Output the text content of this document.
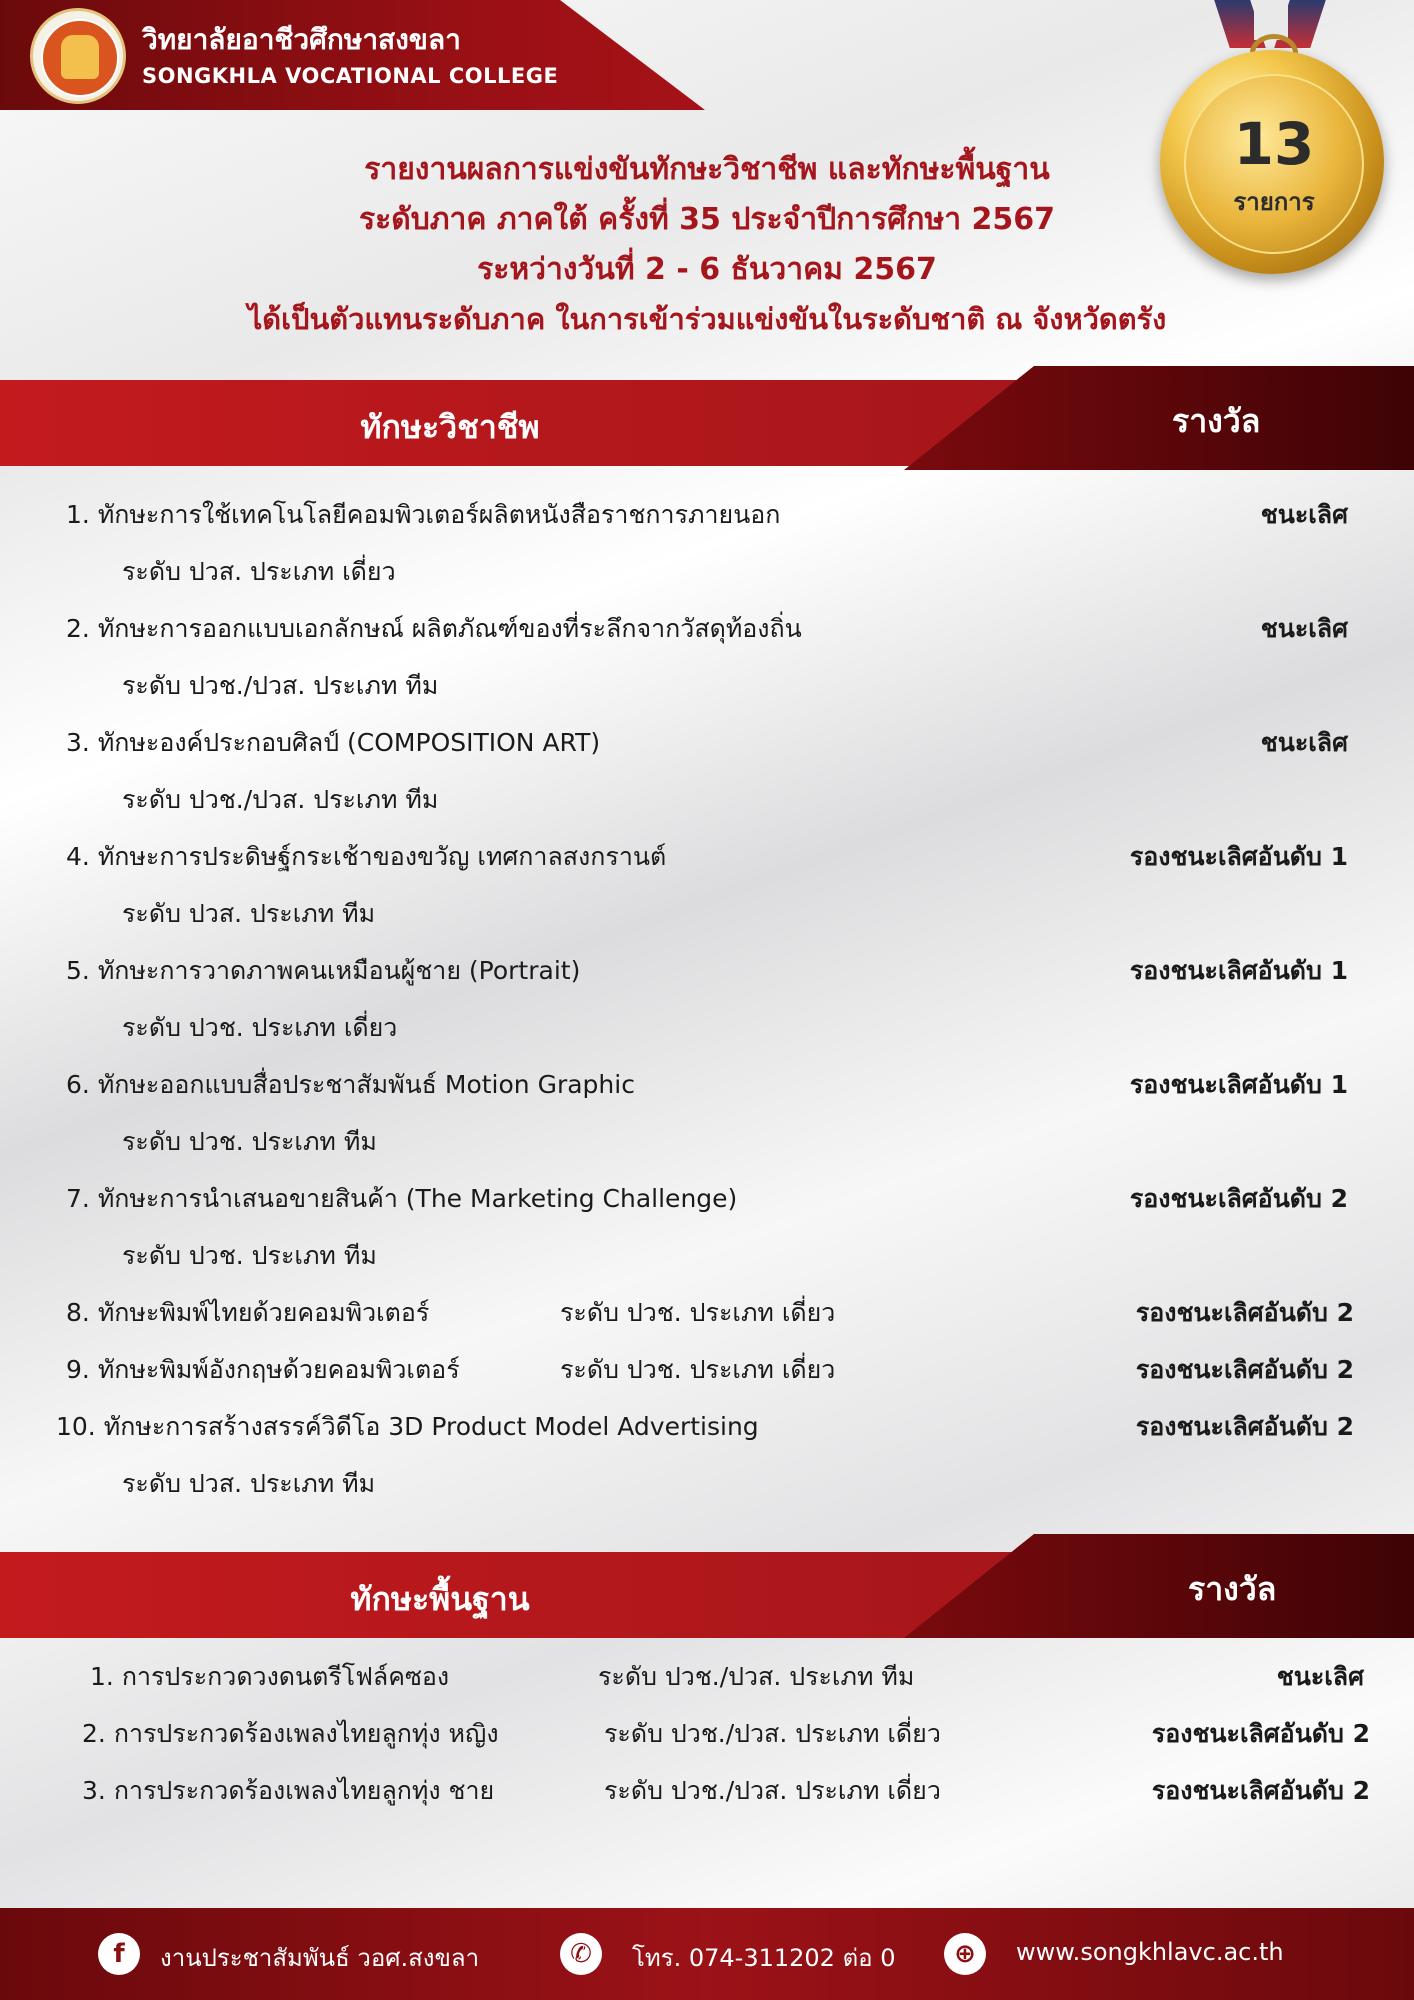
วิทยาลัยอาชีวศึกษาสงขลา
SONGKHLA VOCATIONAL COLLEGE
13
รายการ
รายงานผลการแข่งขันทักษะวิชาชีพ และทักษะพื้นฐาน
ระดับภาค ภาคใต้ ครั้งที่ 35 ประจำปีการศึกษา 2567
ระหว่างวันที่ 2 - 6 ธันวาคม 2567
ได้เป็นตัวแทนระดับภาค ในการเข้าร่วมแข่งขันในระดับชาติ ณ จังหวัดตรัง
ทักษะวิชาชีพ	รางวัล
1. ทักษะการใช้เทคโนโลยีคอมพิวเตอร์ผลิตหนังสือราชการภายนอก
ระดับ ปวส. ประเภท เดี่ยว
ชนะเลิศ
2. ทักษะการออกแบบเอกลักษณ์ ผลิตภัณฑ์ของที่ระลึกจากวัสดุท้องถิ่น
ระดับ ปวช./ปวส. ประเภท ทีม
ชนะเลิศ
3. ทักษะองค์ประกอบศิลป์ (COMPOSITION ART)
ระดับ ปวช./ปวส. ประเภท ทีม
ชนะเลิศ
4. ทักษะการประดิษฐ์กระเช้าของขวัญ เทศกาลสงกรานต์
ระดับ ปวส. ประเภท ทีม
รองชนะเลิศอันดับ 1
5. ทักษะการวาดภาพคนเหมือนผู้ชาย (Portrait)
ระดับ ปวช. ประเภท เดี่ยว
รองชนะเลิศอันดับ 1
6. ทักษะออกแบบสื่อประชาสัมพันธ์ Motion Graphic
ระดับ ปวช. ประเภท ทีม
รองชนะเลิศอันดับ 1
7. ทักษะการนำเสนอขายสินค้า (The Marketing Challenge)
ระดับ ปวช. ประเภท ทีม
รองชนะเลิศอันดับ 2
8. ทักษะพิมพ์ไทยด้วยคอมพิวเตอร์	ระดับ ปวช. ประเภท เดี่ยว	รองชนะเลิศอันดับ 2
9. ทักษะพิมพ์อังกฤษด้วยคอมพิวเตอร์	ระดับ ปวช. ประเภท เดี่ยว	รองชนะเลิศอันดับ 2
10. ทักษะการสร้างสรรค์วิดีโอ 3D Product Model Advertising
ระดับ ปวส. ประเภท ทีม
รองชนะเลิศอันดับ 2
ทักษะพื้นฐาน	รางวัล
1. การประกวดวงดนตรีโฟล์คซอง	ระดับ ปวช./ปวส. ประเภท ทีม	ชนะเลิศ
2. การประกวดร้องเพลงไทยลูกทุ่ง หญิง	ระดับ ปวช./ปวส. ประเภท เดี่ยว	รองชนะเลิศอันดับ 2
3. การประกวดร้องเพลงไทยลูกทุ่ง ชาย	ระดับ ปวช./ปวส. ประเภท เดี่ยว	รองชนะเลิศอันดับ 2
f	งานประชาสัมพันธ์ วอศ.สงขลา	✆	โทร. 074-311202 ต่อ 0	⊕	www.songkhlavc.ac.th
